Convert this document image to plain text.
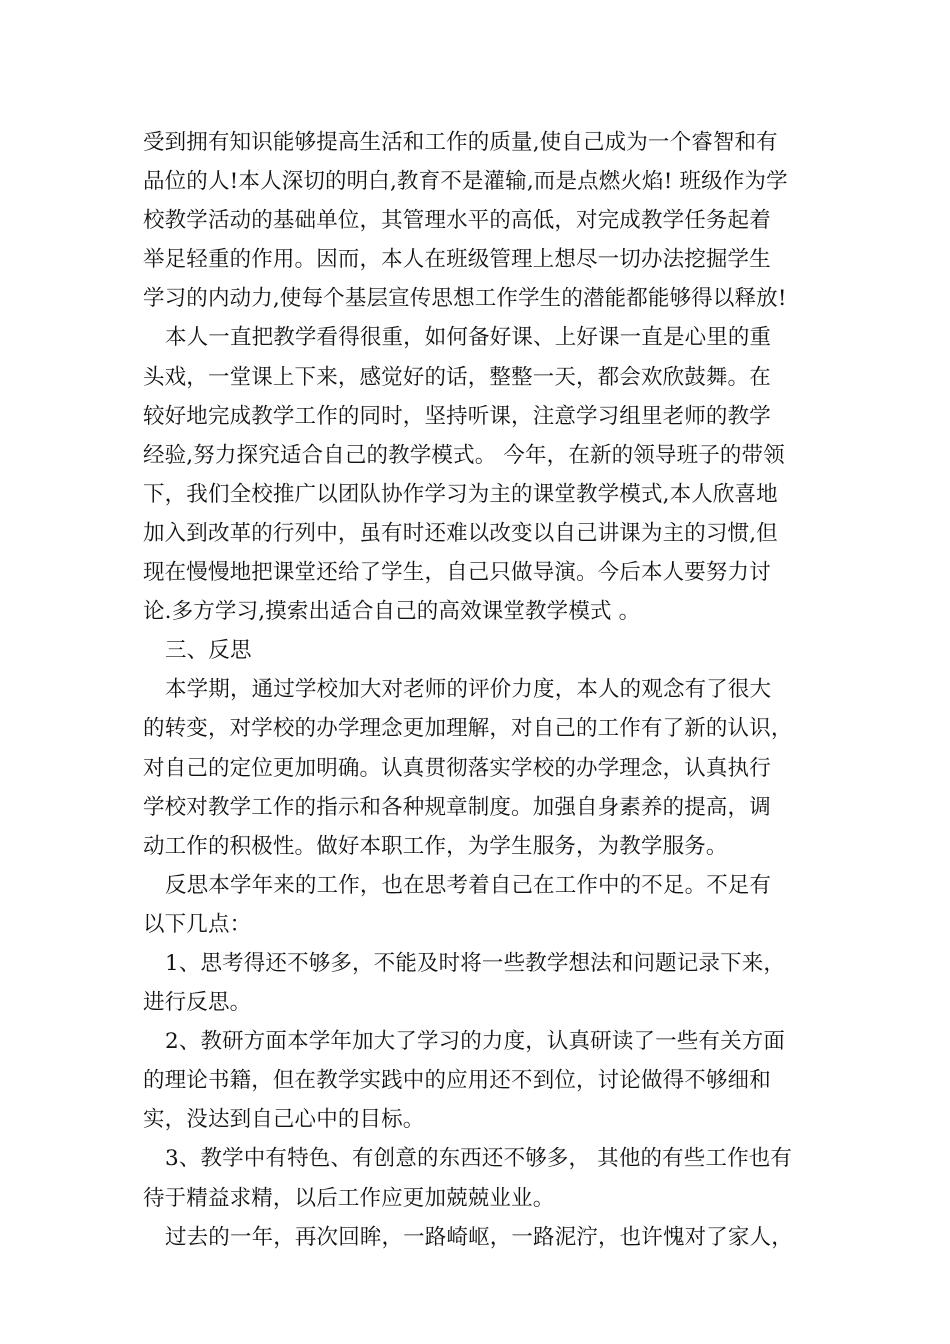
受到拥有知识能够提高生活和工作的质量,使自己成为一个睿智和有
品位的人!本人深切的明白,教育不是灌输,而是点燃火焰! 班级作为学
校教学活动的基础单位，其管理水平的高低，对完成教学任务起着
举足轻重的作用。因而，本人在班级管理上想尽一切办法挖掘学生
学习的内动力,使每个基层宣传思想工作学生的潜能都能够得以释放!
本人一直把教学看得很重，如何备好课、上好课一直是心里的重
头戏，一堂课上下来，感觉好的话，整整一天，都会欢欣鼓舞。在
较好地完成教学工作的同时，坚持听课，注意学习组里老师的教学
经验,努力探究适合自己的教学模式。 今年，在新的领导班子的带领
下，我们全校推广以团队协作学习为主的课堂教学模式,本人欣喜地
加入到改革的行列中，虽有时还难以改变以自己讲课为主的习惯,但
现在慢慢地把课堂还给了学生，自己只做导演。今后本人要努力讨
论.多方学习,摸索出适合自己的高效课堂教学模式 。
三、反思
本学期，通过学校加大对老师的评价力度，本人的观念有了很大
的转变，对学校的办学理念更加理解，对自己的工作有了新的认识，
对自己的定位更加明确。认真贯彻落实学校的办学理念，认真执行
学校对教学工作的指示和各种规章制度。加强自身素养的提高，调
动工作的积极性。做好本职工作，为学生服务，为教学服务。
反思本学年来的工作，也在思考着自己在工作中的不足。不足有
以下几点：
1、思考得还不够多，不能及时将一些教学想法和问题记录下来，
进行反思。
2、教研方面本学年加大了学习的力度，认真研读了一些有关方面
的理论书籍，但在教学实践中的应用还不到位，讨论做得不够细和
实，没达到自己心中的目标。
3、教学中有特色、有创意的东西还不够多， 其他的有些工作也有
待于精益求精，以后工作应更加兢兢业业。
过去的一年，再次回眸，一路崎岖，一路泥泞，也许愧对了家人，
